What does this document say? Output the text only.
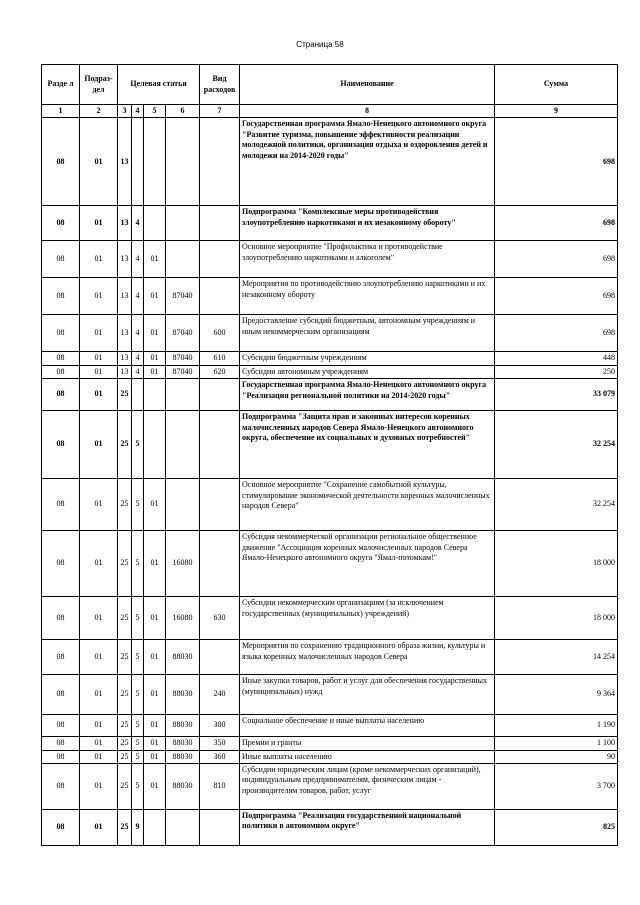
Страница 58
Разде л	Подраз- дел	Целевая статья				Вид расходов	Наименование	Сумма
1	2	3	4	5	6	7	8	9
08	01	13					Государственная программа Ямало-Ненецкого автономного округа "Развитие туризма, повышение эффективности реализации молодежной политики, организация отдыха и оздоровления детей и молодежи на 2014-2020 годы"	698
08	01	13	4				Подпрограмма "Комплексные меры противодействия злоупотреблению наркотиками и их незаконному обороту"	698
08	01	13	4	01			Основное мероприятие "Профилактика и противодействие злоупотреблению наркотиками и алкоголем"	698
08	01	13	4	01	87040		Мероприятия по противодействию злоупотреблению наркотиками и их незаконному обороту	698
08	01	13	4	01	87040	600	Предоставление субсидий бюджетным, автономным учреждениям и иным некоммерческим организациям	698
08	01	13	4	01	87040	610	Субсидии бюджетным учреждениям	448
08	01	13	4	01	87040	620	Субсидии автономным учреждениям	250
08	01	25					Государственная программа Ямало-Ненецкого автономного округа "Реализация региональной политики на 2014-2020 годы"	33 079
08	01	25	5				Подпрограмма "Защита прав и законных интересов коренных малочисленных народов Севера Ямало-Ненецкого автономного округа, обеспечение их социальных и духовных потребностей"	32 254
08	01	25	5	01			Основное мероприятие "Сохранение самобытной культуры, стимулирование экономической деятельности коренных малочисленных народов Севера"	32 254
08	01	25	5	01	16080		Субсидия некоммерческой организации региональное общественное движение "Ассоциация коренных малочисленных народов Севера Ямало-Ненецкого автономного округа "Ямал-потомкам!"	18 000
08	01	25	5	01	16080	630	Субсидии некоммерческим организациям (за исключением государственных (муниципальных) учреждений)	18 000
08	01	25	5	01	88030		Мероприятия по сохранению традиционного образа жизни, культуры и языка коренных малочисленных народов Севера	14 254
08	01	25	5	01	88030	240	Иные закупки товаров, работ и услуг для обеспечения государственных (муниципальных) нужд	9 364
08	01	25	5	01	88030	300	Социальное обеспечение и иные выплаты населению	1 190
08	01	25	5	01	88030	350	Премии и гранты	1 100
08	01	25	5	01	88030	360	Иные выплаты населению	90
08	01	25	5	01	88030	810	Субсидии юридическим лицам (кроме некоммерческих организаций), индивидуальным предпринимателям, физическим лицам - производителям товаров, работ, услуг	3 700
08	01	25	9				Подпрограмма "Реализация государственной национальной политики в автономном округе"	825
